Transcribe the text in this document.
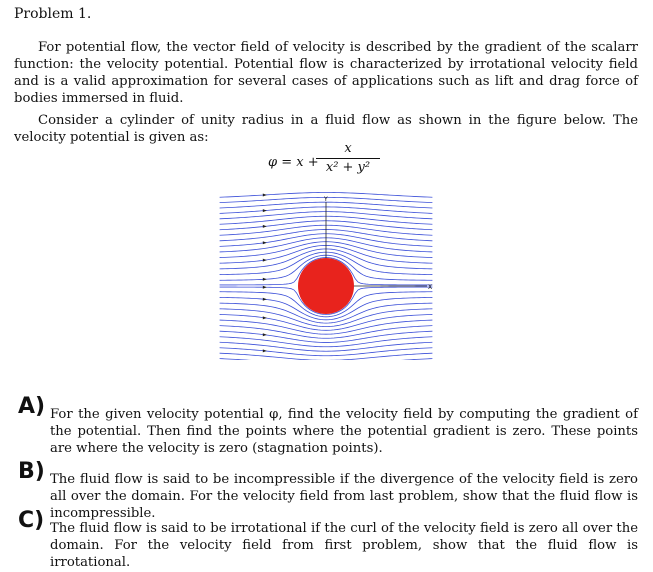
Problem 1.
For potential flow, the vector field of velocity is described by the gradient of the scalarr function: the velocity potential. Potential flow is characterized by irrotational velocity field and is a valid approximation for several cases of applications such as lift and drag force of bodies immersed in fluid.
Consider a cylinder of unity radius in a fluid flow as shown in the figure below. The velocity potential is given as:
φ = x +
x
x² + y²
Y
X
A) For the given velocity potential φ, find the velocity field by computing the gradient of the potential. Then find the points where the potential gradient is zero. These points are where the velocity is zero (stagnation points).
B) The fluid flow is said to be incompressible if the divergence of the velocity field is zero all over the domain. For the velocity field from last problem, show that the fluid flow is incompressible.
C) The fluid flow is said to be irrotational if the curl of the velocity field is zero all over the domain. For the velocity field from first problem, show that the fluid flow is irrotational.
